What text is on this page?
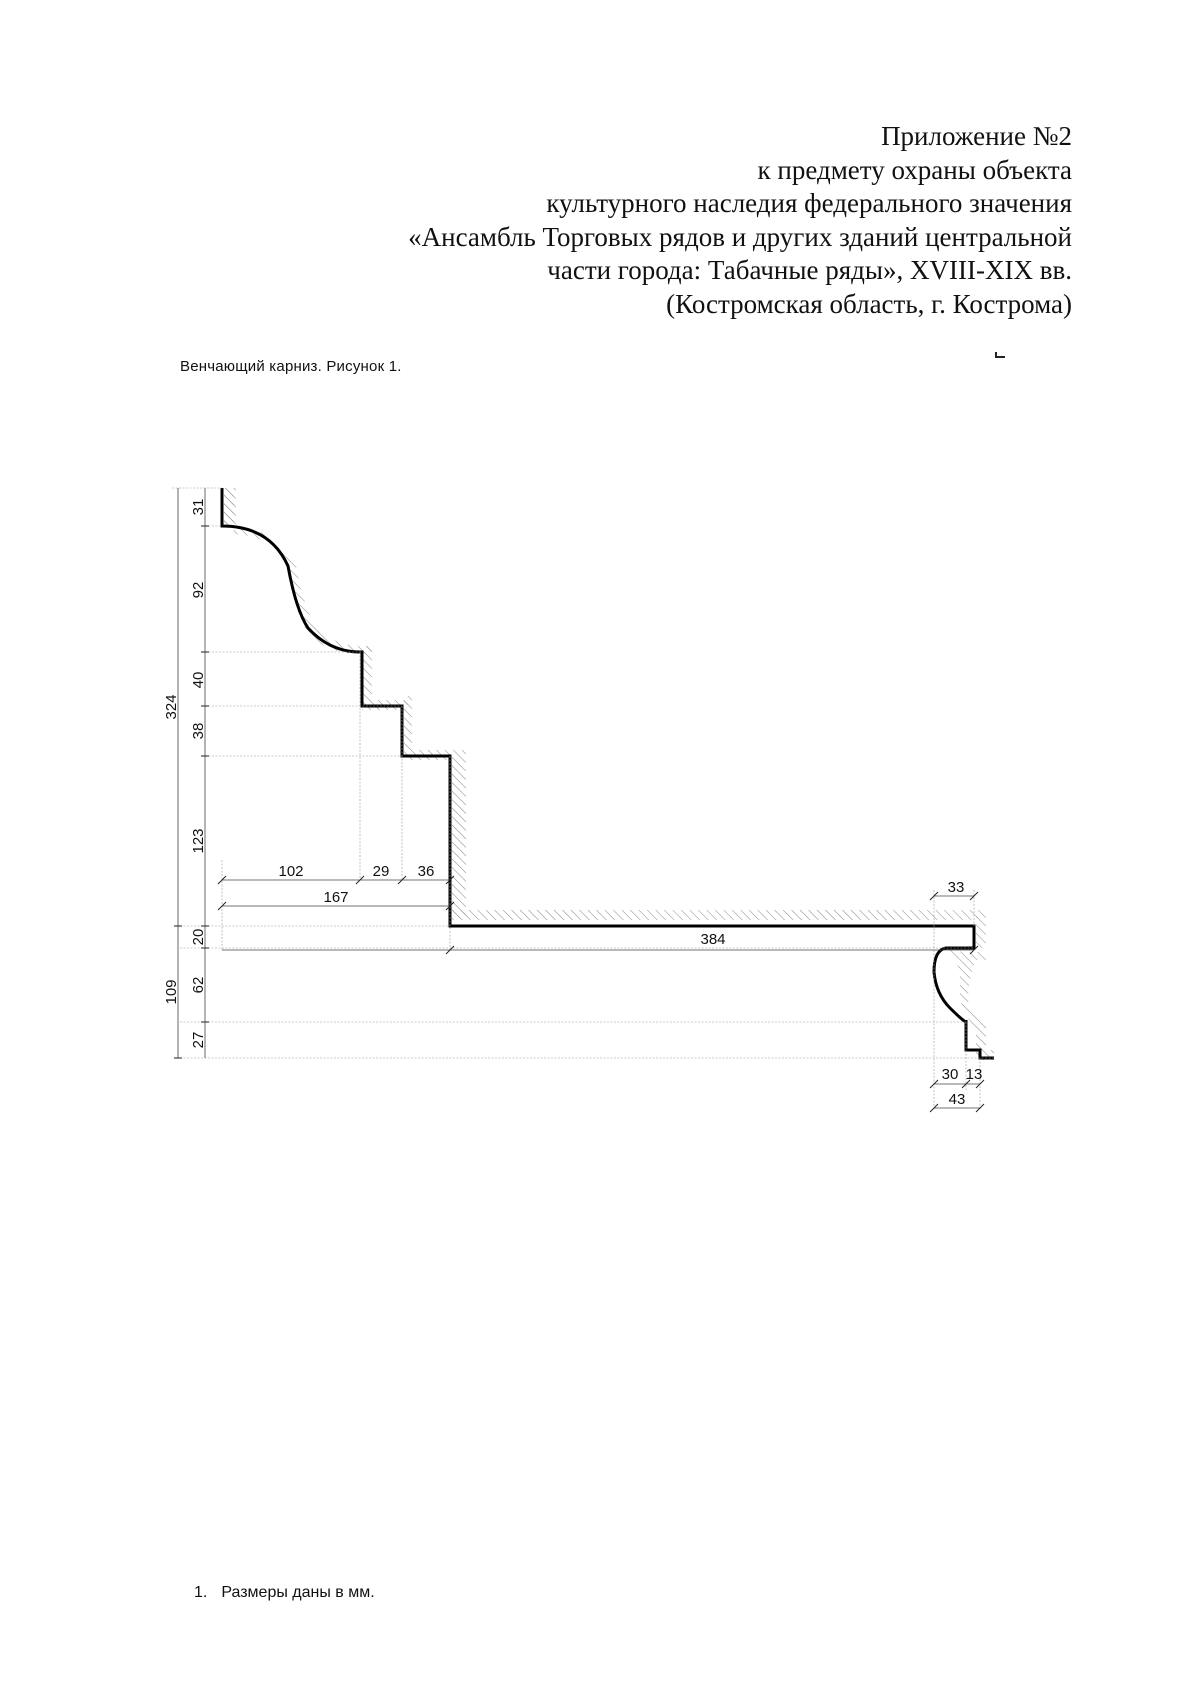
Приложение №2
к предмету охраны объекта
культурного наследия федерального значения
«Ансамбль Торговых рядов и других зданий центральной
части города: Табачные ряды», XVIII-XIX вв.
(Костромская область, г. Кострома)
Венчающий карниз. Рисунок 1.
31
92
40
38
123
324
20
62
27
109
102	29 36
167
384
33
30 13
43
1. Размеры даны в мм.
